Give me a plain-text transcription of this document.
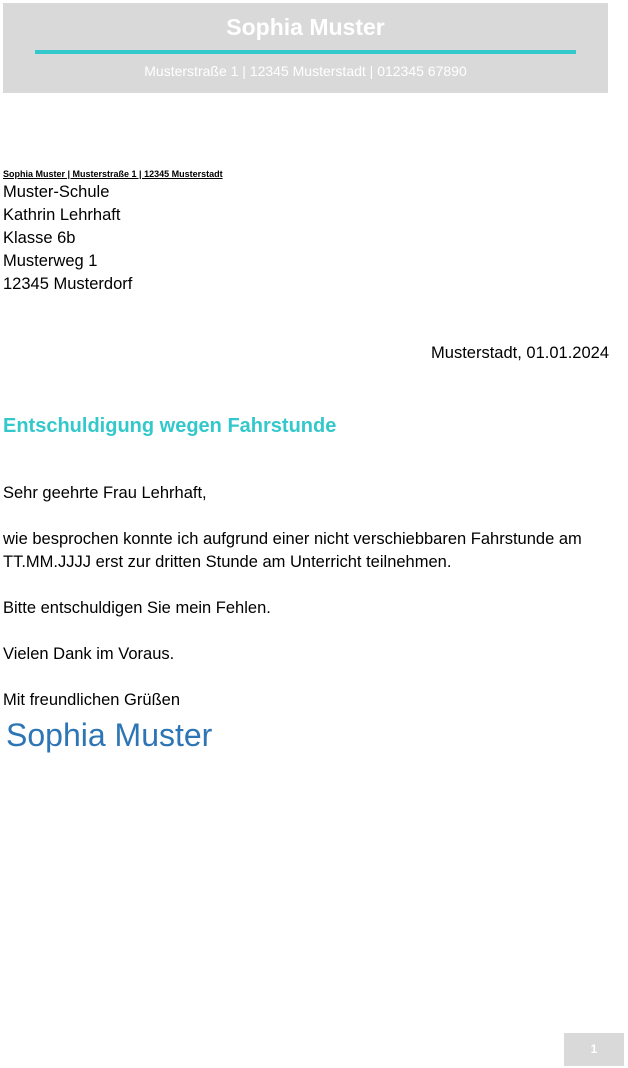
Sophia Muster
Musterstraße 1 | 12345 Musterstadt | 012345 67890
Sophia Muster | Musterstraße 1 | 12345 Musterstadt
Muster-Schule
Kathrin Lehrhaft
Klasse 6b
Musterweg 1
12345 Musterdorf
Musterstadt, 01.01.2024
Entschuldigung wegen Fahrstunde

Sehr geehrte Frau Lehrhaft,

wie besprochen konnte ich aufgrund einer nicht verschiebbaren Fahrstunde am TT.MM.JJJJ erst zur dritten Stunde am Unterricht teilnehmen.

Bitte entschuldigen Sie mein Fehlen.

Vielen Dank im Voraus.

Mit freundlichen Grüßen

Sophia Muster
1
